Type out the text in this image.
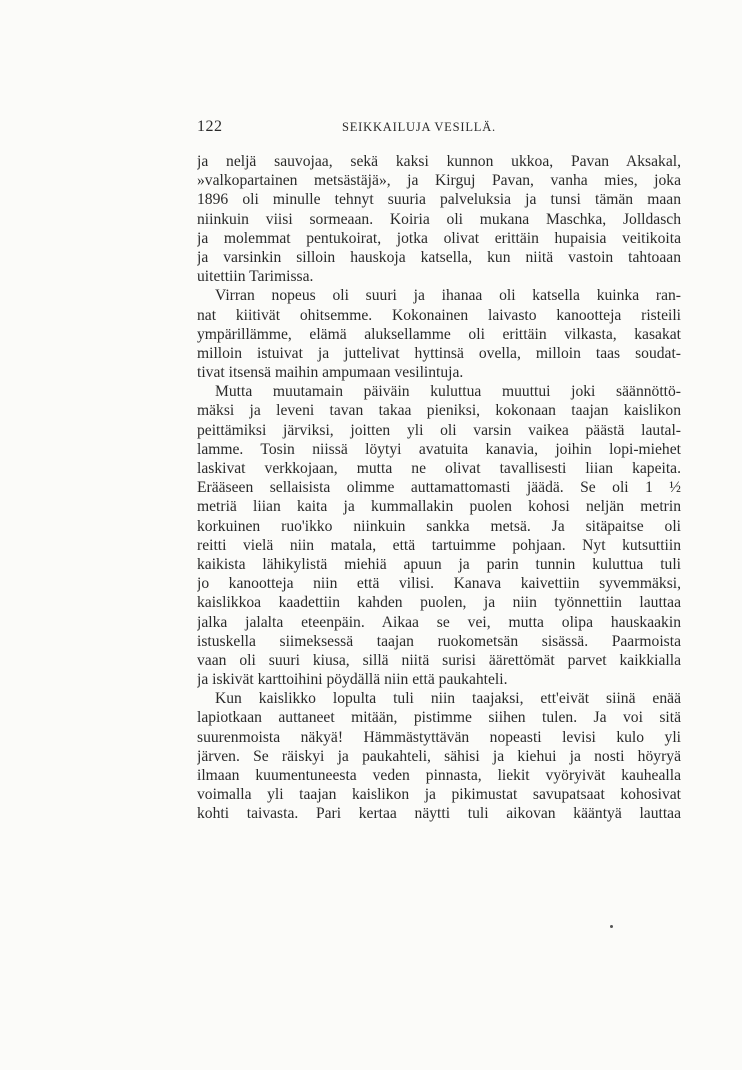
122	SEIKKAILUJA VESILLÄ.
ja neljä sauvojaa, sekä kaksi kunnon ukkoa, Pavan Aksakal,
»valkopartainen metsästäjä», ja Kirguj Pavan, vanha mies, joka
1896 oli minulle tehnyt suuria palveluksia ja tunsi tämän maan
niinkuin viisi sormeaan. Koiria oli mukana Maschka, Jolldasch
ja molemmat pentukoirat, jotka olivat erittäin hupaisia veitikoita
ja varsinkin silloin hauskoja katsella, kun niitä vastoin tahtoaan
uitettiin Tarimissa.
Virran nopeus oli suuri ja ihanaa oli katsella kuinka ran-
nat kiitivät ohitsemme. Kokonainen laivasto kanootteja risteili
ympärillämme, elämä aluksellamme oli erittäin vilkasta, kasakat
milloin istuivat ja juttelivat hyttinsä ovella, milloin taas soudat-
tivat itsensä maihin ampumaan vesilintuja.
Mutta muutamain päiväin kuluttua muuttui joki säännöttö-
mäksi ja leveni tavan takaa pieniksi, kokonaan taajan kaislikon
peittämiksi järviksi, joitten yli oli varsin vaikea päästä lautal-
lamme. Tosin niissä löytyi avatuita kanavia, joihin lopi-miehet
laskivat verkkojaan, mutta ne olivat tavallisesti liian kapeita.
Erääseen sellaisista olimme auttamattomasti jäädä. Se oli 1 ½
metriä liian kaita ja kummallakin puolen kohosi neljän metrin
korkuinen ruo'ikko niinkuin sankka metsä. Ja sitäpaitse oli
reitti vielä niin matala, että tartuimme pohjaan. Nyt kutsuttiin
kaikista lähikylistä miehiä apuun ja parin tunnin kuluttua tuli
jo kanootteja niin että vilisi. Kanava kaivettiin syvemmäksi,
kaislikkoa kaadettiin kahden puolen, ja niin työnnettiin lauttaa
jalka jalalta eteenpäin. Aikaa se vei, mutta olipa hauskaakin
istuskella siimeksessä taajan ruokometsän sisässä. Paarmoista
vaan oli suuri kiusa, sillä niitä surisi äärettömät parvet kaikkialla
ja iskivät karttoihini pöydällä niin että paukahteli.
Kun kaislikko lopulta tuli niin taajaksi, ett'eivät siinä enää
lapiotkaan auttaneet mitään, pistimme siihen tulen. Ja voi sitä
suurenmoista näkyä! Hämmästyttävän nopeasti levisi kulo yli
järven. Se räiskyi ja paukahteli, sähisi ja kiehui ja nosti höyryä
ilmaan kuumentuneesta veden pinnasta, liekit vyöryivät kauhealla
voimalla yli taajan kaislikon ja pikimustat savupatsaat kohosivat
kohti taivasta. Pari kertaa näytti tuli aikovan kääntyä lauttaa
